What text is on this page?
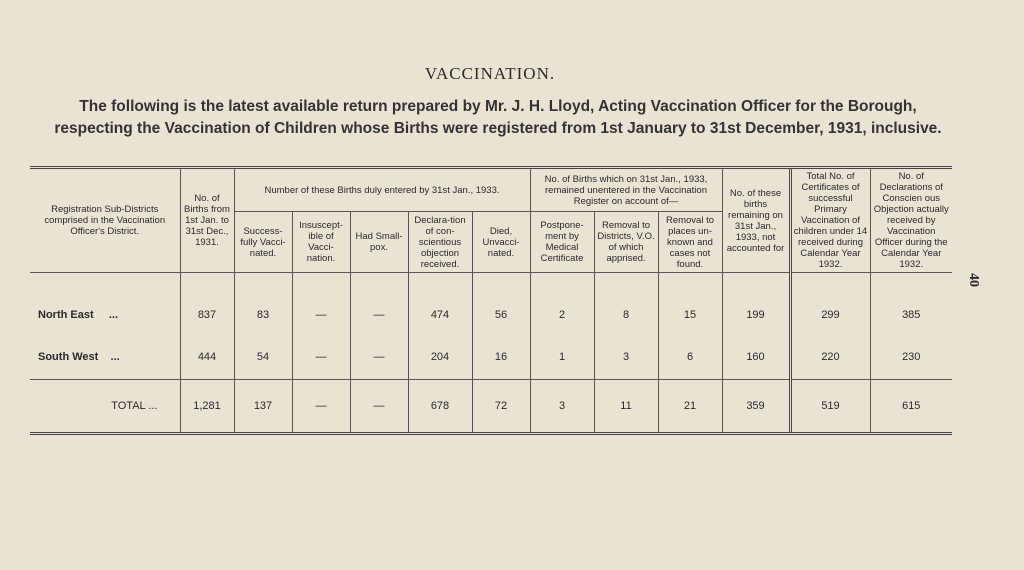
VACCINATION.
The following is the latest available return prepared by Mr. J. H. Lloyd, Acting Vaccination Officer for the Borough, respecting the Vaccination of Children whose Births were registered from 1st January to 31st December, 1931, inclusive.
40
Registration Sub-Districts comprised in the Vaccination Officer's District.	No. of Births from 1st Jan. to 31st Dec., 1931.	Number of these Births duly entered by 31st Jan., 1933.					No. of Births which on 31st Jan., 1933, remained unentered in the Vaccination Register on account of—			No. of these births remaining on 31st Jan., 1933, not accounted for	Total No. of Certificates of successful Primary Vaccination of children under 14 received during Calendar Year 1932.	No. of Declarations of Conscien ous Objection actually received by Vaccination Officer during the Calendar Year 1932.
		Success-fully Vacci-nated.	Insuscept-ible of Vacci-nation.	Had Small-pox.	Declara-tion of con-scientious objection received.	Died, Unvacci-nated.	Postpone-ment by Medical Certificate	Removal to Districts, V.O. of which apprised.	Removal to places un-known and cases not found.			

North East ...	837	83	—	—	474	56	2	8	15	199	299	385

South West ...	444	54	—	—	204	16	1	3	6	160	220	230

TOTAL ...	1,281	137	—	—	678	72	3	11	21	359	519	615
